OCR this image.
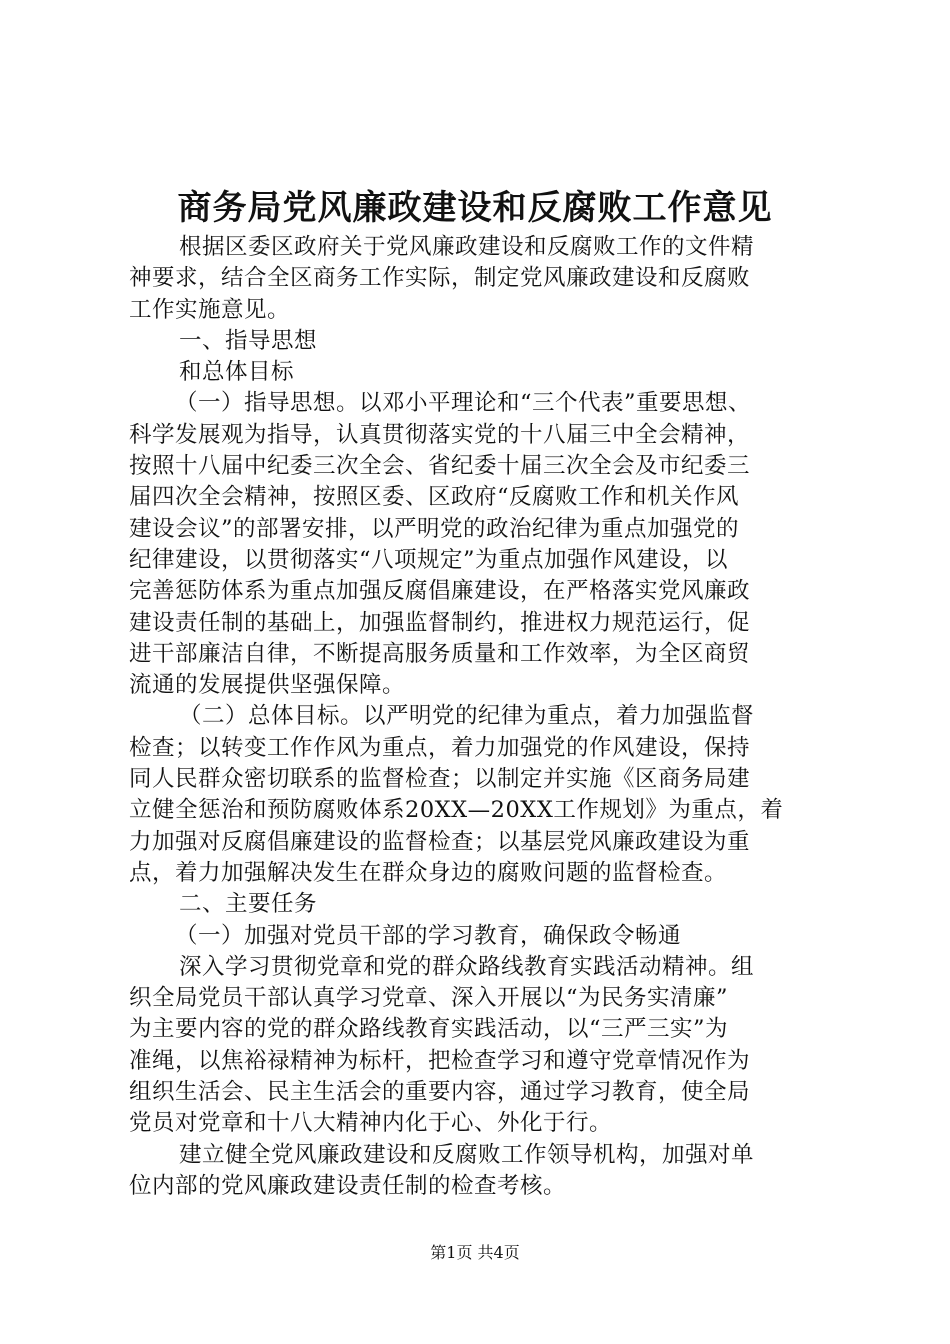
商务局党风廉政建设和反腐败工作意见
根据区委区政府关于党风廉政建设和反腐败工作的文件精
神要求，结合全区商务工作实际，制定党风廉政建设和反腐败
工作实施意见。
一、指导思想
和总体目标
（一）指导思想。以邓小平理论和“三个代表”重要思想、
科学发展观为指导，认真贯彻落实党的十八届三中全会精神，
按照十八届中纪委三次全会、省纪委十届三次全会及市纪委三
届四次全会精神，按照区委、区政府“反腐败工作和机关作风
建设会议”的部署安排，以严明党的政治纪律为重点加强党的
纪律建设，以贯彻落实“八项规定”为重点加强作风建设，以
完善惩防体系为重点加强反腐倡廉建设，在严格落实党风廉政
建设责任制的基础上，加强监督制约，推进权力规范运行，促
进干部廉洁自律，不断提高服务质量和工作效率，为全区商贸
流通的发展提供坚强保障。
（二）总体目标。以严明党的纪律为重点，着力加强监督
检查；以转变工作作风为重点，着力加强党的作风建设，保持
同人民群众密切联系的监督检查；以制定并实施《区商务局建
立健全惩治和预防腐败体系20XX—20XX工作规划》为重点，着
力加强对反腐倡廉建设的监督检查；以基层党风廉政建设为重
点，着力加强解决发生在群众身边的腐败问题的监督检查。
二、主要任务
（一）加强对党员干部的学习教育，确保政令畅通
深入学习贯彻党章和党的群众路线教育实践活动精神。组
织全局党员干部认真学习党章、深入开展以“为民务实清廉”
为主要内容的党的群众路线教育实践活动，以“三严三实”为
准绳，以焦裕禄精神为标杆，把检查学习和遵守党章情况作为
组织生活会、民主生活会的重要内容，通过学习教育，使全局
党员对党章和十八大精神内化于心、外化于行。
建立健全党风廉政建设和反腐败工作领导机构，加强对单
位内部的党风廉政建设责任制的检查考核。
第1页 共4页
